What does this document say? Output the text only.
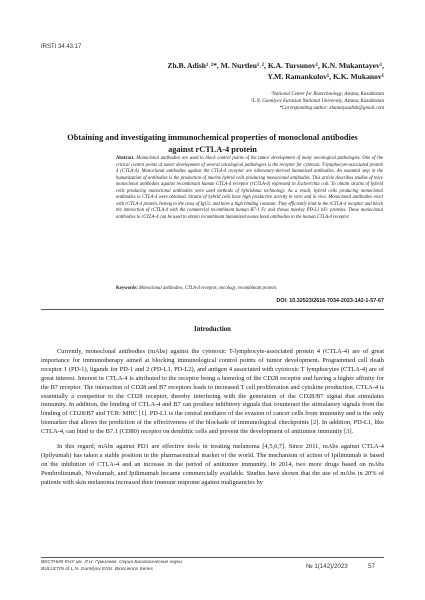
IRSTI 34.43.17
Zh.B. Adish¹˒²*, M. Nurtleu¹˒², K.A. Tursunov¹, K.N. Mukantayev¹,
Y.M. Ramankulov¹, K.K. Mukanov¹
¹National Center for Biotechnology, Astana, Kazakhstan
²L.N. Gumilyov Eurasian National University, Astana, Kazakhstan
*Corresponding author: zhanaiyaadish@gmail.com
Obtaining and investigating immunochemical properties of monoclonal antibodies against rCTLA-4 protein
Abstract. Monoclonal antibodies are used to block control points of the tumor development of many oncological pathologies. One of the critical control points of tumor development of several oncological pathologies is the receptor for cytotoxic T-lymphocyte-associated protein 4 (CTLA-4). Monoclonal antibodies against the CTLA-4 receptor are laboratory-derived humanized antibodies. An essential step in the humanization of antibodies is the production of murine hybrid cells producing monoclonal antibodies. This article describes studies of mice monoclonal antibodies against recombinant human CTLA-4 receptor (rCTLA-4) expressed in Escherichia coli. To obtain strains of hybrid cells producing monoclonal antibodies were used methods of hybridoma technology. As a result, hybrid cells producing monoclonal antibodies to CTLA-4 were obtained. Strains of hybrid cells have high productive activity in vitro and in vivo. Monoclonal antibodies react with rCTLA-4 protein, belong to the class of IgG1, and have a high binding constant. They efficiently bind to the rCTLA-4 receptor and block the interaction of rCTLA-4 with the commercial recombinant human B7-1 Fc and rhesus monkey PD-L1 hFc proteins. These monoclonal antibodies to rCTLA-4 can be used to obtain recombinant humanized monoclonal antibodies to the human CTLA-4 receptor.
Keywords: Monoclonal antibodies, CTLA-4 receptor, oncology, recombinant protein.
DOI: 10.32523/2616-7034-2023-142-1-57-67
Introduction

Currently, monoclonal antibodies (mAbs) against the cytotoxic T-lymphocyte-associated protein 4 (CTLA-4) are of great importance for immunotherapy aimed at blocking immunological control points of tumor development. Programmed cell death receptor 1 (PD-1), ligands for PD-1 and 2 (PD-L1, PD-L2), and antigen 4 associated with cytotoxic T lymphocytes (CTLA-4) are of great interest. Interest in CTLA-4 is attributed to the receptor being a homolog of the CD28 receptor and having a higher affinity for the B7 receptor. The interaction of CD28 and B7 receptors leads to increased T cell proliferation and cytokine production. CTLA-4 is essentially a competitor to the CD28 receptor, thereby interfering with the generation of the CD28/B7 signal that stimulates immunity. In addition, the binding of CTLA-4 and B7 can produce inhibitory signals that counteract the stimulatory signals from the binding of CD28/B7 and TCR: MHC [1]. PD-L1 is the central mediator of the evasion of cancer cells from immunity and is the only biomarker that allows the prediction of the effectiveness of the blockade of immunological checkpoints [2]. In addition, PD-L1, like CTLA-4, can bind to the B7.1 (CD80) receptor on dendritic cells and prevent the development of antitumor immunity [3].

In this regard, mAbs against PD1 are effective tools in treating melanoma [4,5,6,7]. Since 2011, mAbs against CTLA-4 (Ipilyumab) has taken a stable position in the pharmaceutical market of the world. The mechanism of action of Ipilimumab is based on the inhibition of CTLA-4 and an increase in the period of antitumor immunity. In 2014, two more drugs based on mAbs Pembrolizumab, Nivolumab, and Ipilimumab became commercially available. Studies have shown that the use of mAbs in 20% of patients with skin melanoma increased their immune response against malignancies by

ВЕСТНИК ЕНУ им. Л.Н. Гумилева. Серия Биологические науки
BULLETIN of L.N. Gumilyov ENU. Bioscience Series	№ 1(142)/2023	57
